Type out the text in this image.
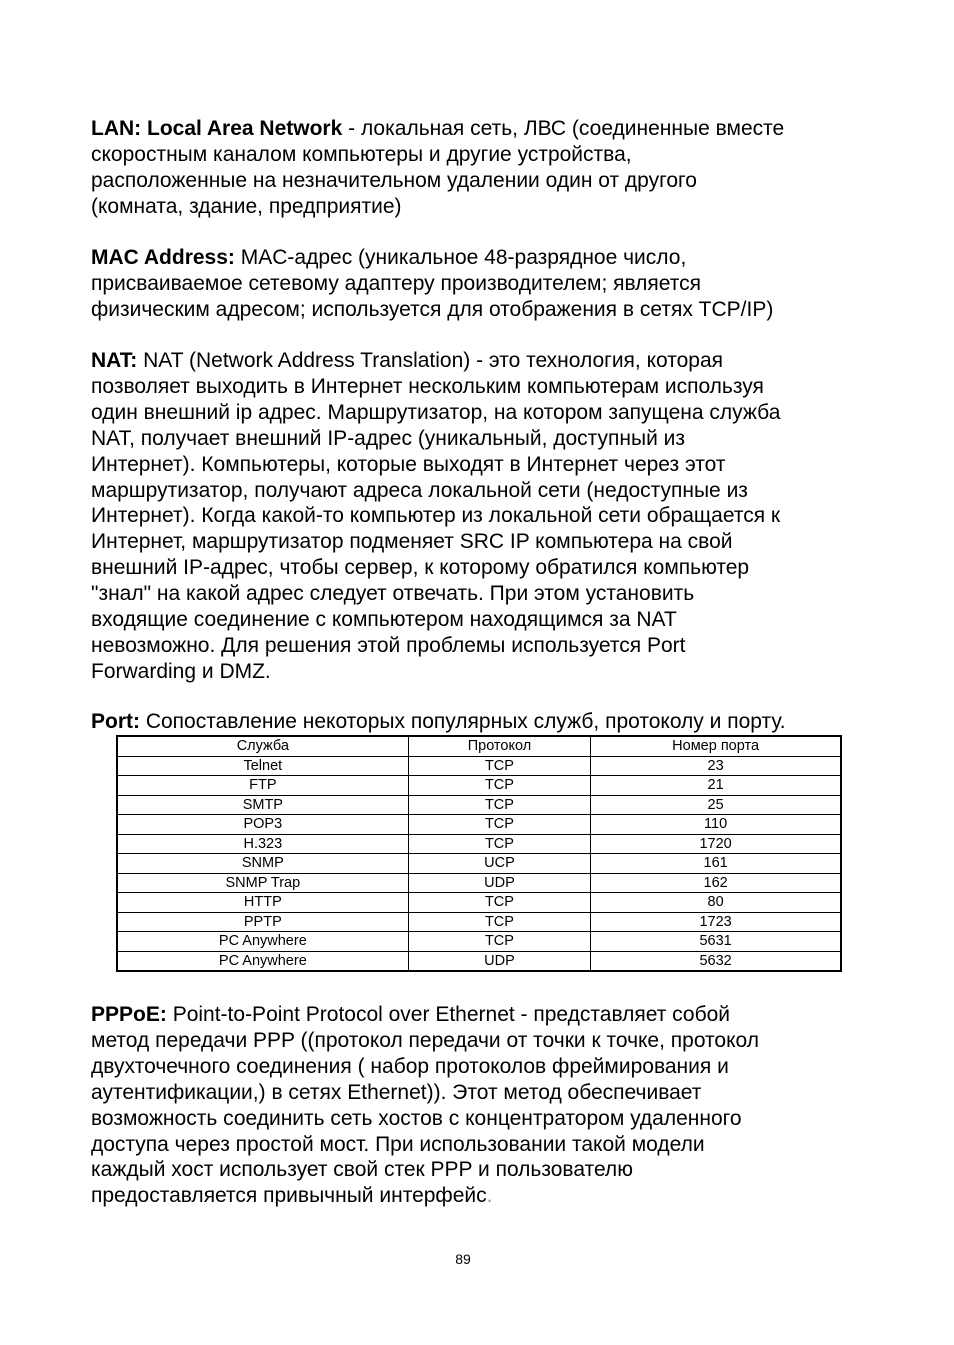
LAN: Local Area Network - локальная сеть, ЛВС (соединенные вместе
скоростным каналом компьютеры и другие устройства,
расположенные на незначительном удалении один от другого
(комната, здание, предприятие)
MAC Address: MAC-адрес (уникальное 48-разрядное число,
присваиваемое сетевому адаптеру производителем; является
физическим адресом; используется для отображения в сетях TCP/IP)
NAT: NAT (Network Address Translation) - это технология, которая
позволяет выходить в Интернет нескольким компьютерам используя
один внешний ip адрес. Маршрутизатор, на котором запущена служба
NAT, получает внешний IP-адрес (уникальный, доступный из
Интернет). Компьютеры, которые выходят в Интернет через этот
маршрутизатор, получают адреса локальной сети (недоступные из
Интернет). Когда какой-то компьютер из локальной сети обращается к
Интернет, маршрутизатор подменяет SRC IP компьютера на свой
внешний IP-адрес, чтобы сервер, к которому обратился компьютер
"знал" на какой адрес следует отвечать. При этом установить
входящие соединение с компьютером находящимся за NAT
невозможно. Для решения этой проблемы используется Port
Forwarding и DMZ.
Port: Сопоставление некоторых популярных служб, протоколу и порту.
Служба	Протокол	Номер порта
Telnet	TCP	23
FTP	TCP	21
SMTP	TCP	25
POP3	TCP	110
H.323	TCP	1720
SNMP	UCP	161
SNMP Trap	UDP	162
HTTP	TCP	80
PPTP	TCP	1723
PC Anywhere	TCP	5631
PC Anywhere	UDP	5632
PPPoE: Point-to-Point Protocol over Ethernet - представляет собой
метод передачи PPP ((протокол передачи от точки к точке, протокол
двухточечного соединения ( набор протоколов фреймирования и
аутентификации,) в сетях Ethernet)). Этот метод обеспечивает
возможность соединить сеть хостов с концентратором удаленного
доступа через простой мост. При использовании такой модели
каждый хост использует свой стек PPP и пользователю
предоставляется привычный интерфейс.
89
